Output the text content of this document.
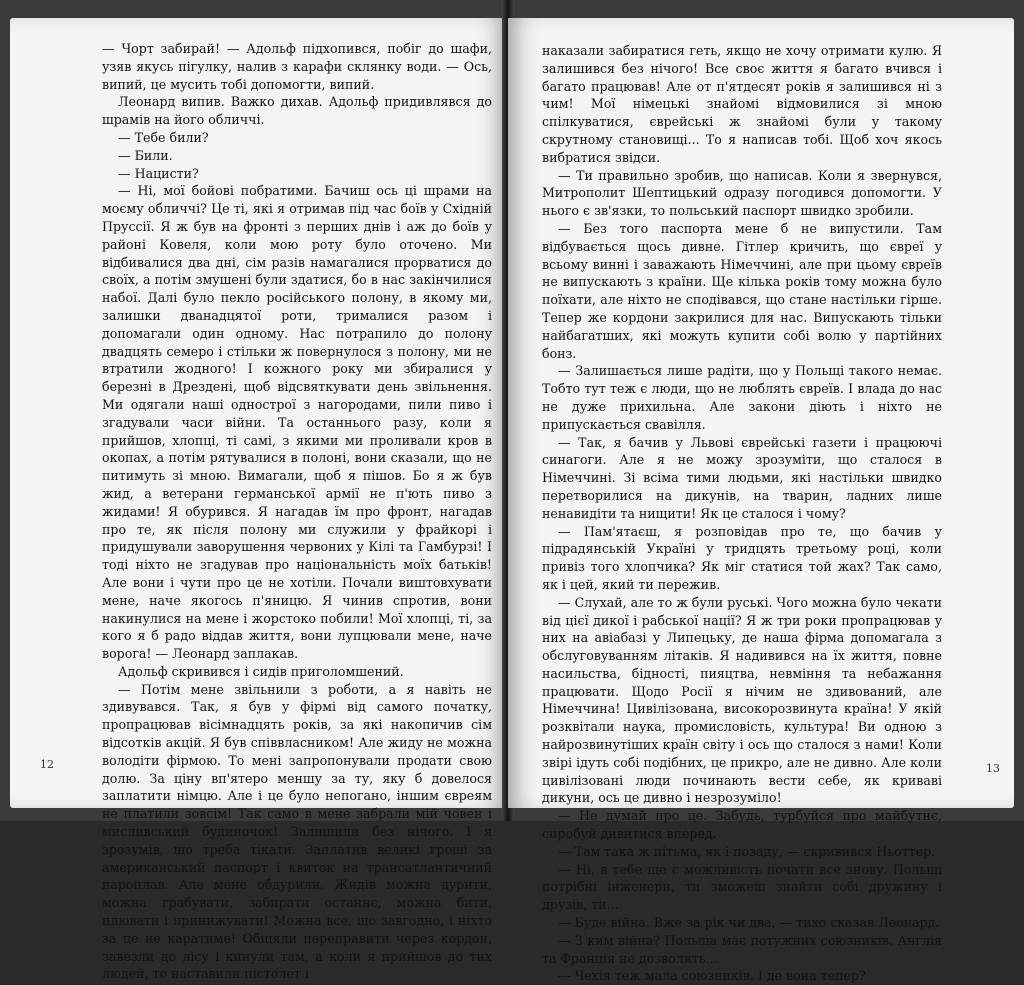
— Чорт забирай! — Адольф підхопився, побіг до шафи, узяв якусь пігулку, налив з карафи склянку води. — Ось, випий, це мусить тобі допомогти, випий.

Леонард випив. Важко дихав. Адольф придивлявся до шрамів на його обличчі.

— Тебе били?

— Били.

— Нацисти?

— Ні, мої бойові побратими. Бачиш ось ці шрами на моєму обличчі? Це ті, які я отримав під час боїв у Східній Пруссії. Я ж був на фронті з перших днів і аж до боїв у районі Ковеля, коли мою роту було оточено. Ми відбивалися два дні, сім разів намагалися прорватися до своїх, а потім змушені були здатися, бо в нас закінчилися набої. Далі було пекло російського полону, в якому ми, залишки дванадцятої роти, трималися разом і допомагали один одному. Нас потрапило до полону двадцять семеро і стільки ж повернулося з полону, ми не втратили жодного! І кожного року ми збиралися у березні в Дрездені, щоб відсвяткувати день звільнення. Ми одягали наші однострої з нагородами, пили пиво і згадували часи війни. Та останнього разу, коли я прийшов, хлопці, ті самі, з якими ми проливали кров в окопах, а потім рятувалися в полоні, вони сказали, що не питимуть зі мною. Вимагали, щоб я пішов. Бо я ж був жид, а ветерани германської армії не п'ють пиво з жидами! Я обурився. Я нагадав їм про фронт, нагадав про те, як після полону ми служили у фрайкорі і придушували заворушення червоних у Кілі та Гамбурзі! І тоді ніхто не згадував про національність моїх батьків! Але вони і чути про це не хотіли. Почали виштовхувати мене, наче якогось п'яницю. Я чинив спротив, вони накинулися на мене і жорстоко побили! Мої хлопці, ті, за кого я б радо віддав життя, вони лупцювали мене, наче ворога! — Леонард заплакав.

Адольф скривився і сидів приголомшений.

— Потім мене звільнили з роботи, а я навіть не здивувався. Так, я був у фірмі від самого початку, пропрацював вісімнадцять років, за які накопичив сім відсотків акцій. Я був співвласником! Але жиду не можна володіти фірмою. То мені запропонували продати свою долю. За ціну вп'ятеро меншу за ту, яку б довелося заплатити німцю. Але і це було непогано, іншим євреям не платили зовсім! Так само в мене забрали мій човен і мисливський будиночок! Залишили без нічого. І я зрозумів, що треба тікати. Заплатив великі гроші за американський паспорт і квиток на трансатлантичний пароплав. Але мене обдурили. Жидів можна дурити, можна грабувати, забирати останнє, можна бити, плювати і принижувати! Можна все, що завгодно, і ніхто за це не каратиме! Обіцяли переправити через кордон, завезли до лісу і кинули там, а коли я прийшов до тих людей, то наставили пістолет і

12

наказали забиратися геть, якщо не хочу отримати кулю. Я залишився без нічого! Все своє життя я багато вчився і багато працював! Але от п'ятдесят років я залишився ні з чим! Мої німецькі знайомі відмовилися зі мною спілкуватися, єврейські ж знайомі були у такому скрутному становищі... То я написав тобі. Щоб хоч якось вибратися звідси.

— Ти правильно зробив, що написав. Коли я звернувся, Митрополит Шептицький одразу погодився допомогти. У нього є зв'язки, то польський паспорт швидко зробили.

— Без того паспорта мене б не випустили. Там відбувається щось дивне. Гітлер кричить, що євреї у всьому винні і заважають Німеччині, але при цьому євреїв не випускають з країни. Ще кілька років тому можна було поїхати, але ніхто не сподівався, що стане настільки гірше. Тепер же кордони закрилися для нас. Випускають тільки найбагатших, які можуть купити собі волю у партійних бонз.

— Залишається лише радіти, що у Польщі такого немає. Тобто тут теж є люди, що не люблять євреїв. І влада до нас не дуже прихильна. Але закони діють і ніхто не припускається свавілля.

— Так, я бачив у Львові єврейські газети і працюючі синагоги. Але я не можу зрозуміти, що сталося в Німеччині. Зі всіма тими людьми, які настільки швидко перетворилися на дикунів, на тварин, ладних лише ненавидіти та нищити! Як це сталося і чому?

— Пам'ятаєш, я розповідав про те, що бачив у підрадянській Україні у тридцять третьому році, коли привіз того хлопчика? Як міг статися той жах? Так само, як і цей, який ти пережив.

— Слухай, але то ж були руські. Чого можна було чекати від цієї дикої і рабської нації? Я ж три роки пропрацював у них на авіабазі у Липецьку, де наша фірма допомагала з обслуговуванням літаків. Я надивився на їх життя, повне насильства, бідності, пияцтва, невміння та небажання працювати. Щодо Росії я нічим не здивований, але Німеччина! Цивілізована, високорозвинута країна! У якій розквітали наука, промисловість, культура! Ви одною з найрозвинутіших країн світу і ось що сталося з нами! Коли звірі ідуть собі подібних, це прикро, але не дивно. Але коли цивілізовані люди починають вести себе, як криваві дикуни, ось це дивно і незрозуміло!

— Не думай про це. Забудь, турбуйся про майбутнє, спробуй дивитися вперед.

— Там така ж пітьма, як і позаду, — скривився Ньоттер.

— Ні, в тебе ще є можливість почати все знову. Польщі потрібні інженери, ти зможеш знайти собі дружину і друзів, ти...

— Буде війна. Вже за рік чи два, — тихо сказав Леонард.

— З ким війна? Польща має потужних союзників. Англія та Франція не дозволять...

— Чехія теж мала союзників. І де вона тепер?

13
